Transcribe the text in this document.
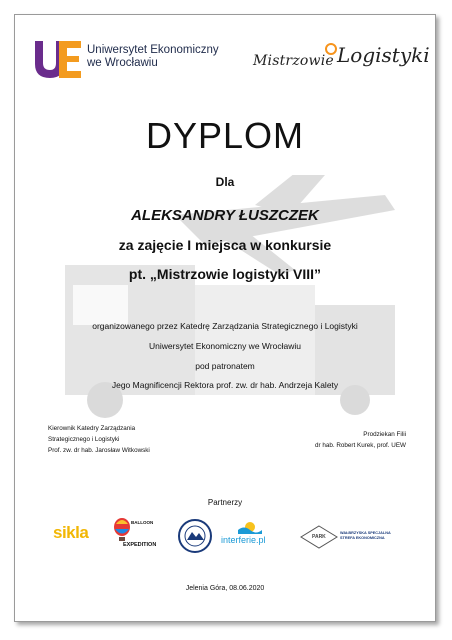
Uniwersytet Ekonomiczny
we Wrocławiu	Mistrzowie Logistyki
DYPLOM
Dla
ALEKSANDRY ŁUSZCZEK
za zajęcie I miejsca w konkursie
pt. „Mistrzowie logistyki VIII”
organizowanego przez Katedrę Zarządzania Strategicznego i Logistyki
Uniwersytet Ekonomiczny we Wrocławiu
pod patronatem
Jego Magnificencji Rektora prof. zw. dr hab. Andrzeja Kalety
Kierownik Katedry Zarządzania
Strategicznego i Logistyki
Prof. zw. dr hab. Jarosław Witkowski
Prodziekan Filii
dr hab. Robert Kurek, prof. UEW
Partnerzy
sikla
BALLOON
EXPEDITION	interferie.pl	PARK
WAŁBRZYSKA SPECJALNA
STREFA EKONOMICZNA
Jelenia Góra, 08.06.2020
